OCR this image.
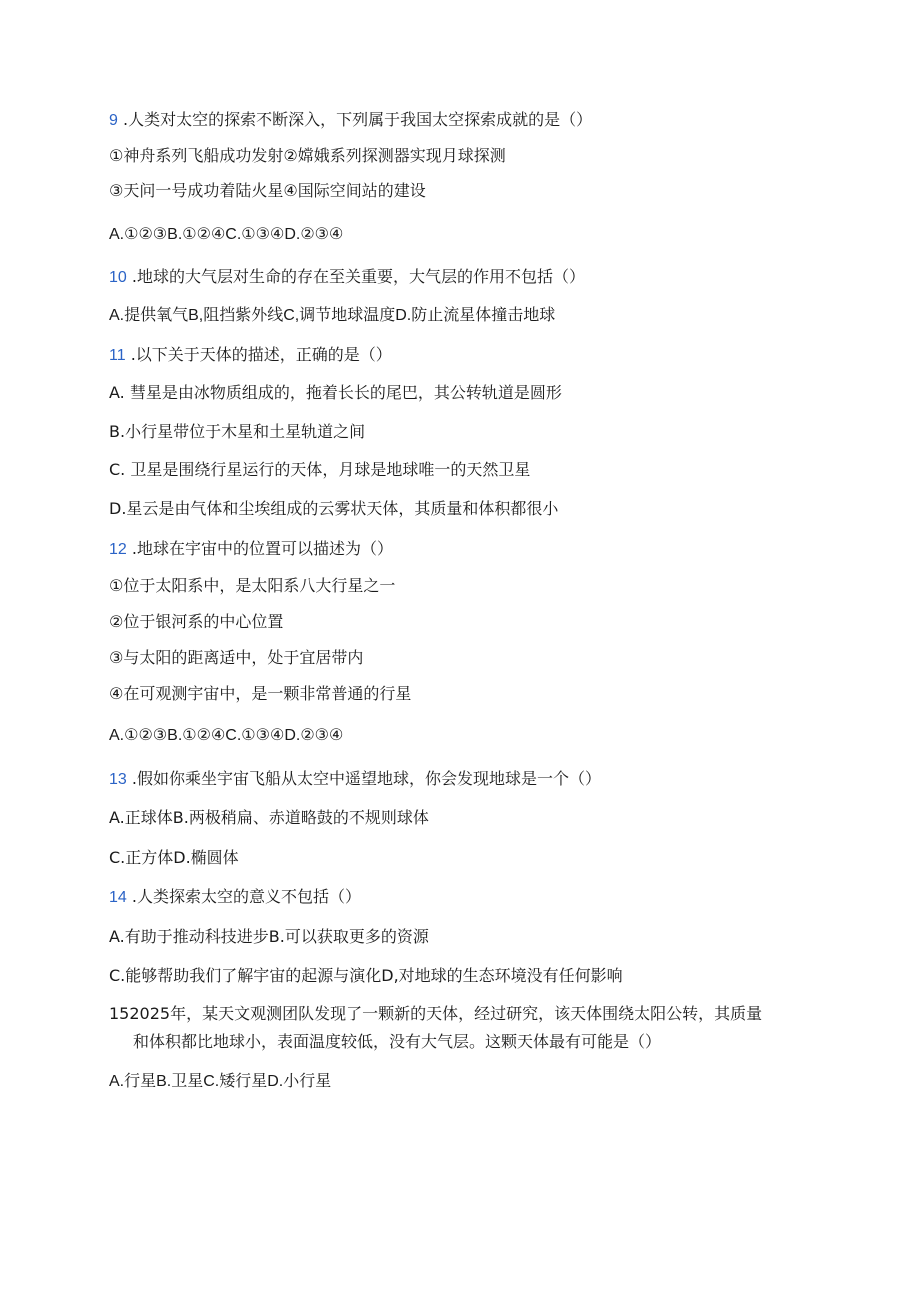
9 .人类对太空的探索不断深入，下列属于我国太空探索成就的是（）
①神舟系列飞船成功发射②嫦娥系列探测器实现月球探测
③天问一号成功着陆火星④国际空间站的建设
A.①②③B.①②④C.①③④D.②③④
10 .地球的大气层对生命的存在至关重要，大气层的作用不包括（）
A.提供氧气B,阻挡紫外线C,调节地球温度D.防止流星体撞击地球
11 .以下关于天体的描述，正确的是（）
A. 彗星是由冰物质组成的，拖着长长的尾巴，其公转轨道是圆形
B.小行星带位于木星和土星轨道之间
C. 卫星是围绕行星运行的天体，月球是地球唯一的天然卫星
D.星云是由气体和尘埃组成的云雾状天体，其质量和体积都很小
12 .地球在宇宙中的位置可以描述为（）
①位于太阳系中，是太阳系八大行星之一
②位于银河系的中心位置
③与太阳的距离适中，处于宜居带内
④在可观测宇宙中，是一颗非常普通的行星
A.①②③B.①②④C.①③④D.②③④
13 .假如你乘坐宇宙飞船从太空中遥望地球，你会发现地球是一个（）
A.正球体B.两极稍扁、赤道略鼓的不规则球体
C.正方体D.椭圆体
14 .人类探索太空的意义不包括（）
A.有助于推动科技进步B.可以获取更多的资源
C.能够帮助我们了解宇宙的起源与演化D,对地球的生态环境没有任何影响
152025年，某天文观测团队发现了一颗新的天体，经过研究，该天体围绕太阳公转，其质量
和体积都比地球小，表面温度较低，没有大气层。这颗天体最有可能是（）
A.行星B.卫星C.矮行星D.小行星
